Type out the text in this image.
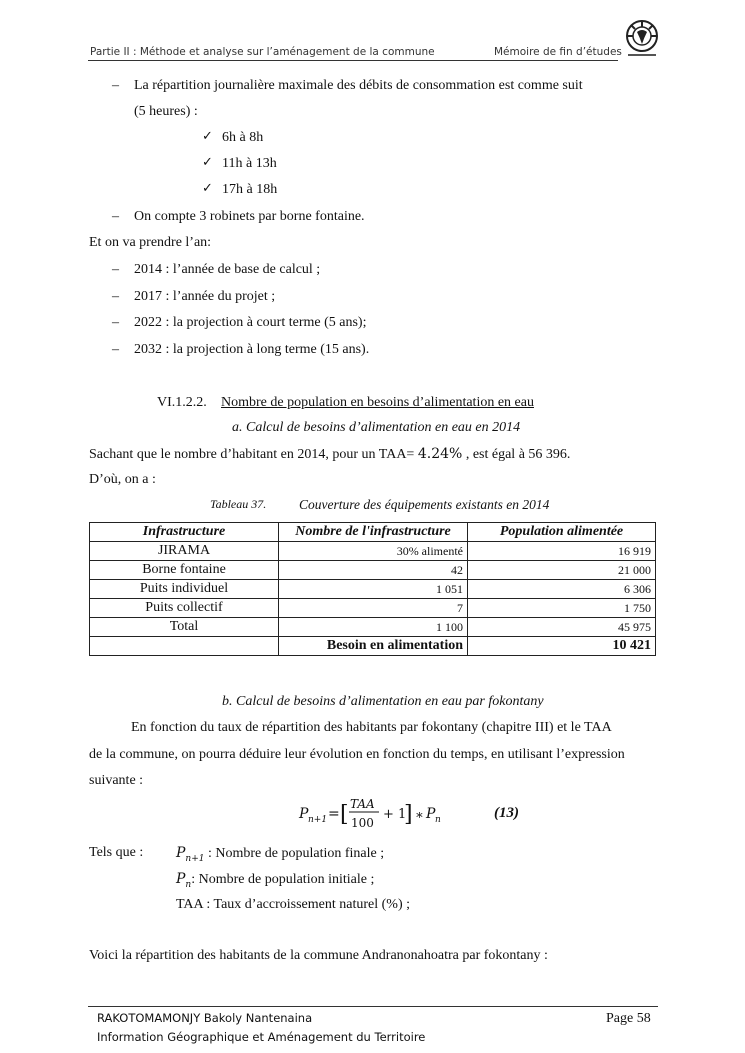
Partie II : Méthode et analyse sur l’aménagement de la commune	Mémoire de fin d’études
– La répartition journalière maximale des débits de consommation est comme suit
(5 heures) :
✓ 6h à 8h
✓ 11h à 13h
✓ 17h à 18h
– On compte 3 robinets par borne fontaine.
Et on va prendre l’an:
– 2014 : l’année de base de calcul ;
– 2017 : l’année du projet ;
– 2022 : la projection à court terme (5 ans);
– 2032 : la projection à long terme (15 ans).
VI.1.2.2. Nombre de population en besoins d’alimentation en eau
a. Calcul de besoins d’alimentation en eau en 2014
Sachant que le nombre d’habitant en 2014, pour un TAA= 4.24% , est égal à 56 396.
D’où, on a :
Tableau 37. Couverture des équipements existants en 2014
Infrastructure	Nombre de l'infrastructure	Population alimentée
JIRAMA	30% alimenté	16 919
Borne fontaine	42	21 000
Puits individuel	1 051	6 306
Puits collectif	7	1 750
Total	1 100	45 975
	Besoin en alimentation	10 421
b. Calcul de besoins d’alimentation en eau par fokontany
En fonction du taux de répartition des habitants par fokontany (chapitre III) et le TAA
de la commune, on pourra déduire leur évolution en fonction du temps, en utilisant l’expression
suivante :
P n+1 = [ TAA
100
+ 1
] ∗ P n	(13)
Tels que : $P_{n+1}$ : Nombre de population finale ;
$P_n$: Nombre de population initiale ;
TAA : Taux d’accroissement naturel (%) ;
Voici la répartition des habitants de la commune Andranonahoatra par fokontany :
RAKOTOMAMONJY Bakoly Nantenaina
Information Géographique et Aménagement du Territoire
Page 58
